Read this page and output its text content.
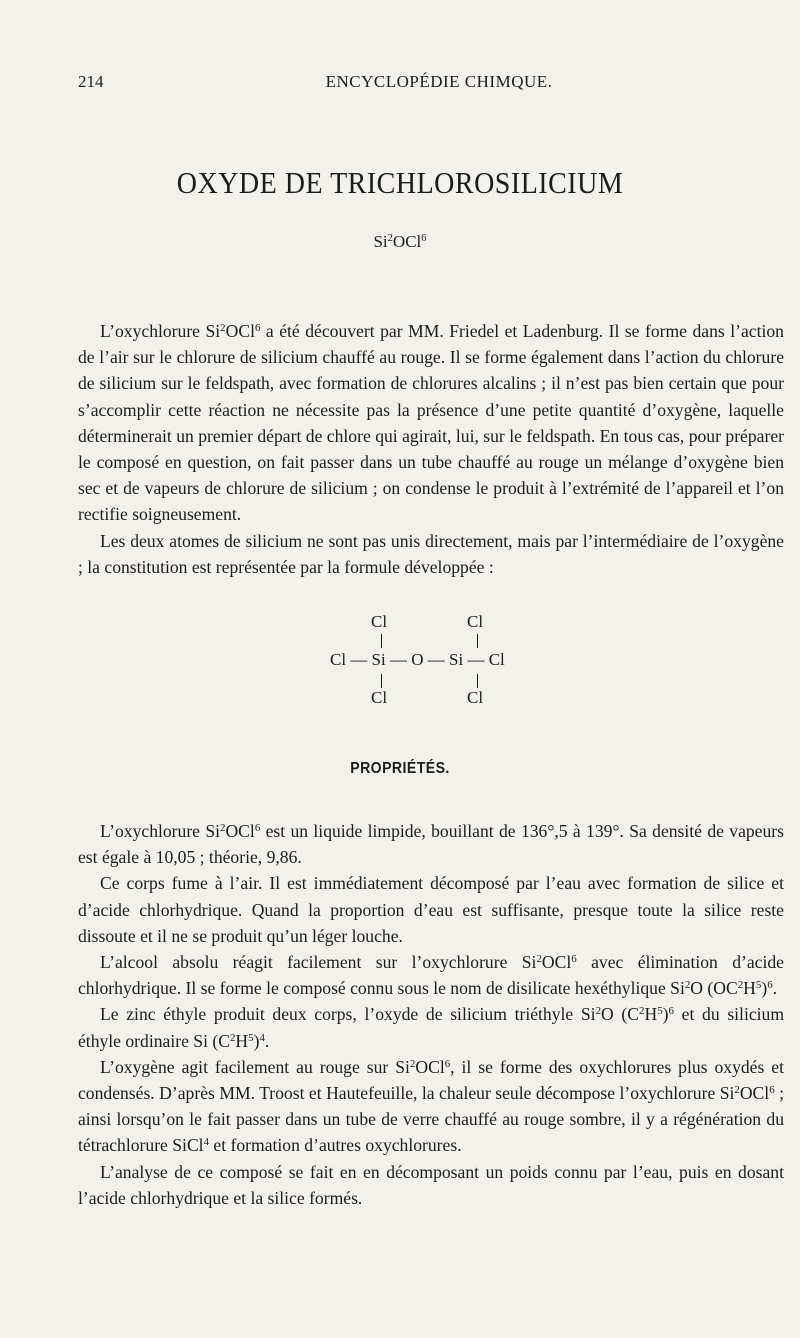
214	ENCYCLOPÉDIE CHIMQUE.
OXYDE DE TRICHLOROSILICIUM
Si$^2$OCl$^6$

L’oxychlorure Si$^2$OCl$^6$ a été découvert par MM. Friedel et Ladenburg. Il se forme dans l’action de l’air sur le chlorure de silicium chauffé au rouge. Il se forme également dans l’action du chlorure de silicium sur le feldspath, avec formation de chlorures alcalins ; il n’est pas bien certain que pour s’accomplir cette réaction ne nécessite pas la présence d’une petite quantité d’oxygène, laquelle déterminerait un premier départ de chlore qui agirait, lui, sur le feldspath. En tous cas, pour préparer le composé en question, on fait passer dans un tube chauffé au rouge un mélange d’oxygène bien sec et de vapeurs de chlorure de silicium ; on condense le produit à l’extrémité de l’appareil et l’on rectifie soigneusement.

Les deux atomes de silicium ne sont pas unis directement, mais par l’intermédiaire de l’oxygène ; la constitution est représentée par la formule développée :

Cl	Cl
Cl — Si — O — Si — Cl
Cl	Cl
PROPRIÉTÉS.

L’oxychlorure Si$^2$OCl$^6$ est un liquide limpide, bouillant de 136°,5 à 139°. Sa densité de vapeurs est égale à 10,05 ; théorie, 9,86.

Ce corps fume à l’air. Il est immédiatement décomposé par l’eau avec formation de silice et d’acide chlorhydrique. Quand la proportion d’eau est suffisante, presque toute la silice reste dissoute et il ne se produit qu’un léger louche.

L’alcool absolu réagit facilement sur l’oxychlorure Si$^2$OCl$^6$ avec élimination d’acide chlorhydrique. Il se forme le composé connu sous le nom de disilicate hexéthylique Si$^2$O $(OC^2H^5)^6$.

Le zinc éthyle produit deux corps, l’oxyde de silicium triéthyle Si$^2$O $(C^2H^5)^6$ et du silicium éthyle ordinaire Si $(C^2H^5)^4$.

L’oxygène agit facilement au rouge sur Si$^2$OCl$^6$, il se forme des oxychlorures plus oxydés et condensés. D’après MM. Troost et Hautefeuille, la chaleur seule décompose l’oxychlorure Si$^2$OCl$^6$ ; ainsi lorsqu’on le fait passer dans un tube de verre chauffé au rouge sombre, il y a régénération du tétrachlorure SiCl$^4$ et formation d’autres oxychlorures.

L’analyse de ce composé se fait en en décomposant un poids connu par l’eau, puis en dosant l’acide chlorhydrique et la silice formés.
